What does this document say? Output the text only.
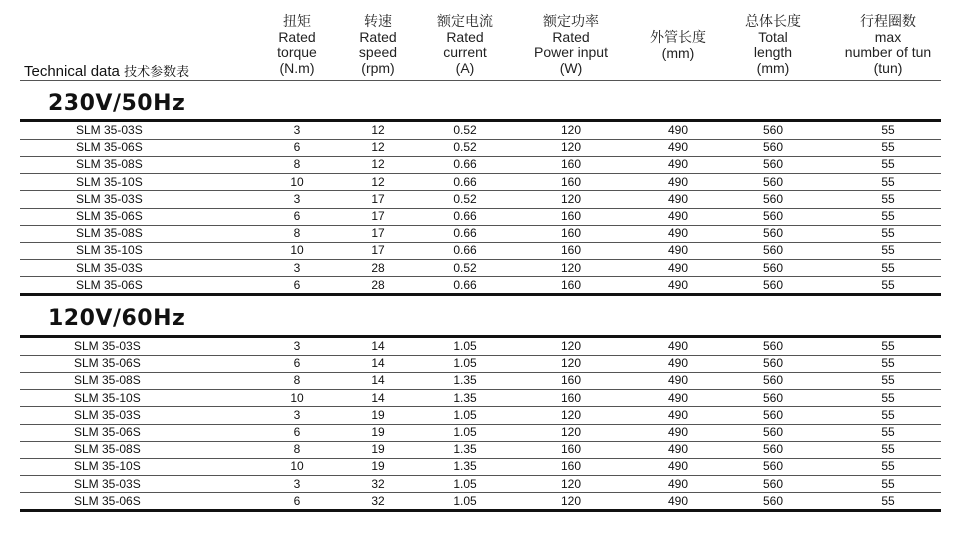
Technical data 技术参数表
扭矩
Rated
torque
(N.m)
转速
Rated
speed
(rpm)
额定电流
Rated
current
(A)
额定功率
Rated
Power input
(W)
外管长度
(mm)
总体长度
Total
length
(mm)
行程圈数
max
number of tun
(tun)
230V/50Hz
SLM 35-03S	3	12	0.52	120	490	560	55
SLM 35-06S	6	12	0.52	120	490	560	55
SLM 35-08S	8	12	0.66	160	490	560	55
SLM 35-10S	10	12	0.66	160	490	560	55
SLM 35-03S	3	17	0.52	120	490	560	55
SLM 35-06S	6	17	0.66	160	490	560	55
SLM 35-08S	8	17	0.66	160	490	560	55
SLM 35-10S	10	17	0.66	160	490	560	55
SLM 35-03S	3	28	0.52	120	490	560	55
SLM 35-06S	6	28	0.66	160	490	560	55
120V/60Hz
SLM 35-03S	3	14	1.05	120	490	560	55
SLM 35-06S	6	14	1.05	120	490	560	55
SLM 35-08S	8	14	1.35	160	490	560	55
SLM 35-10S	10	14	1.35	160	490	560	55
SLM 35-03S	3	19	1.05	120	490	560	55
SLM 35-06S	6	19	1.05	120	490	560	55
SLM 35-08S	8	19	1.35	160	490	560	55
SLM 35-10S	10	19	1.35	160	490	560	55
SLM 35-03S	3	32	1.05	120	490	560	55
SLM 35-06S	6	32	1.05	120	490	560	55
